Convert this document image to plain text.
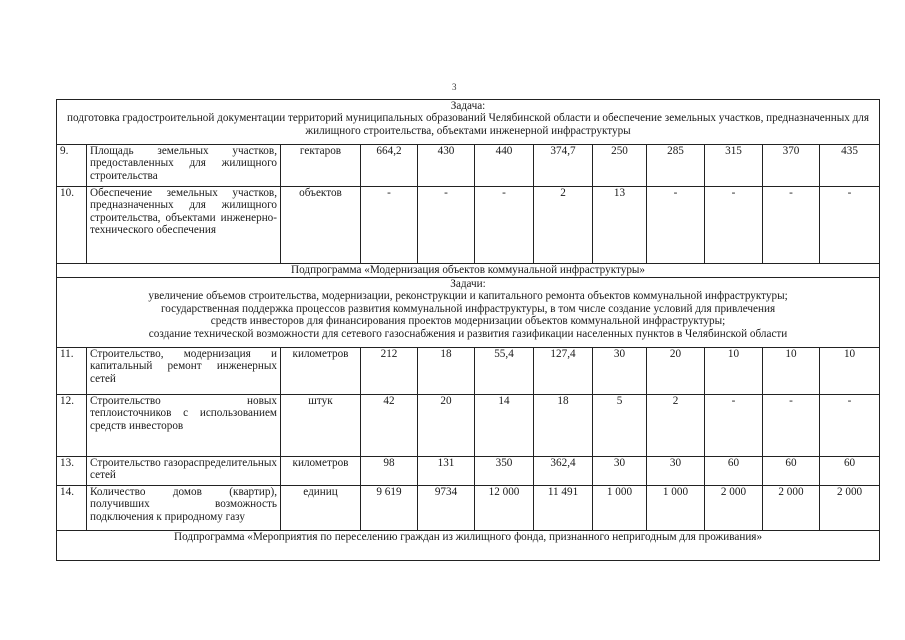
3
Задача:
подготовка градостроительной документации территорий муниципальных образований Челябинской области и обеспечение земельных участков, предназначенных для жилищного строительства, объектами инженерной инфраструктуры											

9.	Площадь земельных участков, предоставленных для жилищного строительства	гектаров	664,2	430	440	374,7	250	285	315	370	435
10.	Обеспечение земельных участков, предназначенных для жилищного строительства, объектами инженерно-технического обеспечения	объектов	-	-	-	2	13	-	-	-	-
Подпрограмма «Модернизация объектов коммунальной инфраструктуры»											

Задачи:
увеличение объемов строительства, модернизации, реконструкции и капитального ремонта объектов коммунальной инфраструктуры;
государственная поддержка процессов развития коммунальной инфраструктуры, в том числе создание условий для привлечения
средств инвесторов для финансирования проектов модернизации объектов коммунальной инфраструктуры;
создание технической возможности для сетевого газоснабжения и развития газификации населенных пунктов в Челябинской области											

11.	Строительство, модернизация и капитальный ремонт инженерных сетей	километров	212	18	55,4	127,4	30	20	10	10	10
12.	Строительство новых теплоисточников с использованием средств инвесторов	штук	42	20	14	18	5	2	-	-	-
13.	Строительство газораспределительных сетей	километров	98	131	350	362,4	30	30	60	60	60
14.	Количество домов (квартир), получивших возможность подключения к природному газу	единиц	9 619	9734	12 000	11 491	1 000	1 000	2 000	2 000	2 000
Подпрограмма «Мероприятия по переселению граждан из жилищного фонда, признанного непригодным для проживания»											
